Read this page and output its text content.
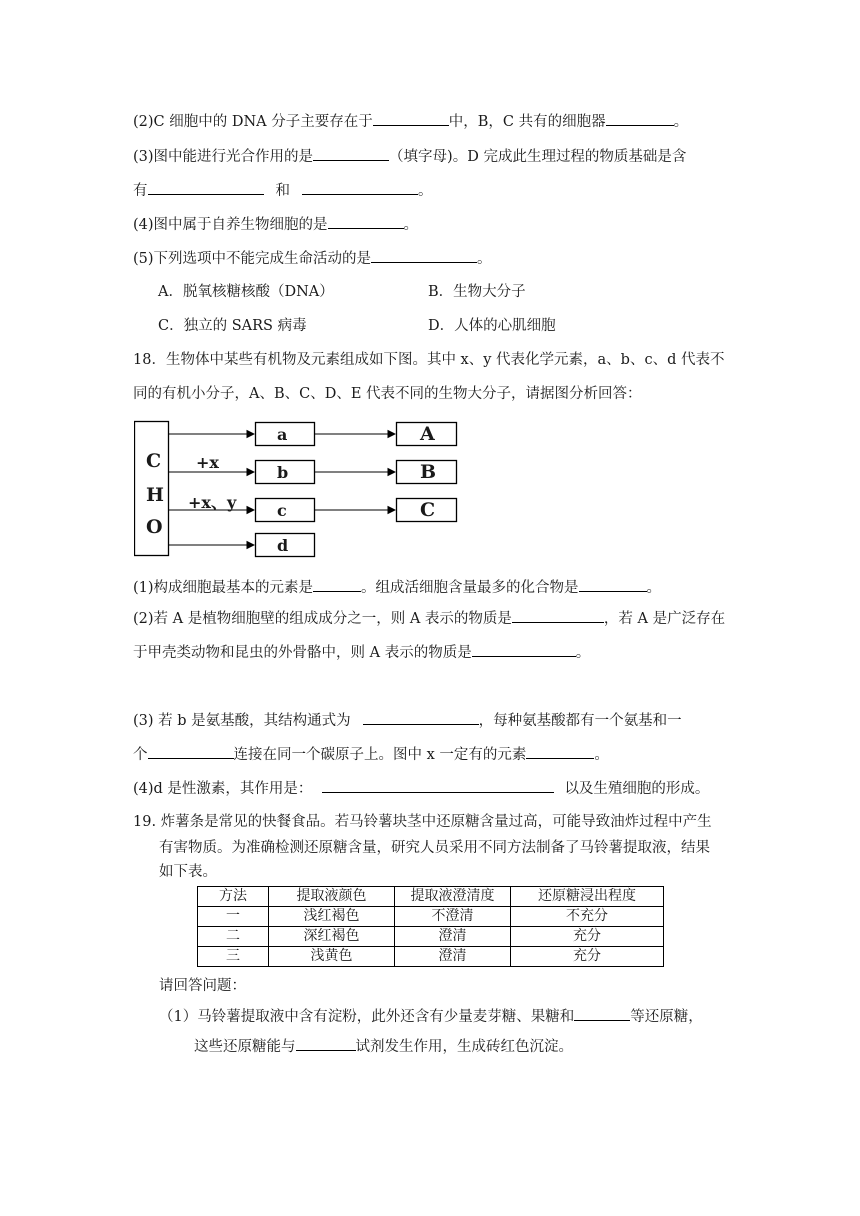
(2)C 细胞中的 DNA 分子主要存在于	中，B，C 共有的细胞器	。
(3)图中能进行光合作用的是	（填字母)。D 完成此生理过程的物质基础是含
有	和	。
(4)图中属于自养生物细胞的是	。
(5)下列选项中不能完成生命活动的是	。
A．脱氧核糖核酸（DNA）	B．生物大分子
C．独立的 SARS 病毒	D．人体的心肌细胞
18．生物体中某些有机物及元素组成如下图。其中 x、y 代表化学元素，a、b、c、d 代表不
同的有机小分子，A、B、C、D、E 代表不同的生物大分子，请据图分析回答：
C
H
O
+x
+x、y
a
b
c
d
A
B
C
(1)构成细胞最基本的元素是	。组成活细胞含量最多的化合物是	。
(2)若 A 是植物细胞壁的组成成分之一，则 A 表示的物质是	，若 A 是广泛存在
于甲壳类动物和昆虫的外骨骼中，则 A 表示的物质是	。
(3) 若 b 是氨基酸，其结构通式为	，每种氨基酸都有一个氨基和一
个	连接在同一个碳原子上。图中 x 一定有的元素	。
(4)d 是性激素，其作用是：	以及生殖细胞的形成。
19. 炸薯条是常见的快餐食品。若马铃薯块茎中还原糖含量过高，可能导致油炸过程中产生
有害物质。为准确检测还原糖含量，研究人员采用不同方法制备了马铃薯提取液，结果
如下表。
方法	提取液颜色	提取液澄清度	还原糖浸出程度
一	浅红褐色	不澄清	不充分
二	深红褐色	澄清	充分
三	浅黄色	澄清	充分
请回答问题：
（1）马铃薯提取液中含有淀粉，此外还含有少量麦芽糖、果糖和	等还原糖，
这些还原糖能与	试剂发生作用，生成砖红色沉淀。
